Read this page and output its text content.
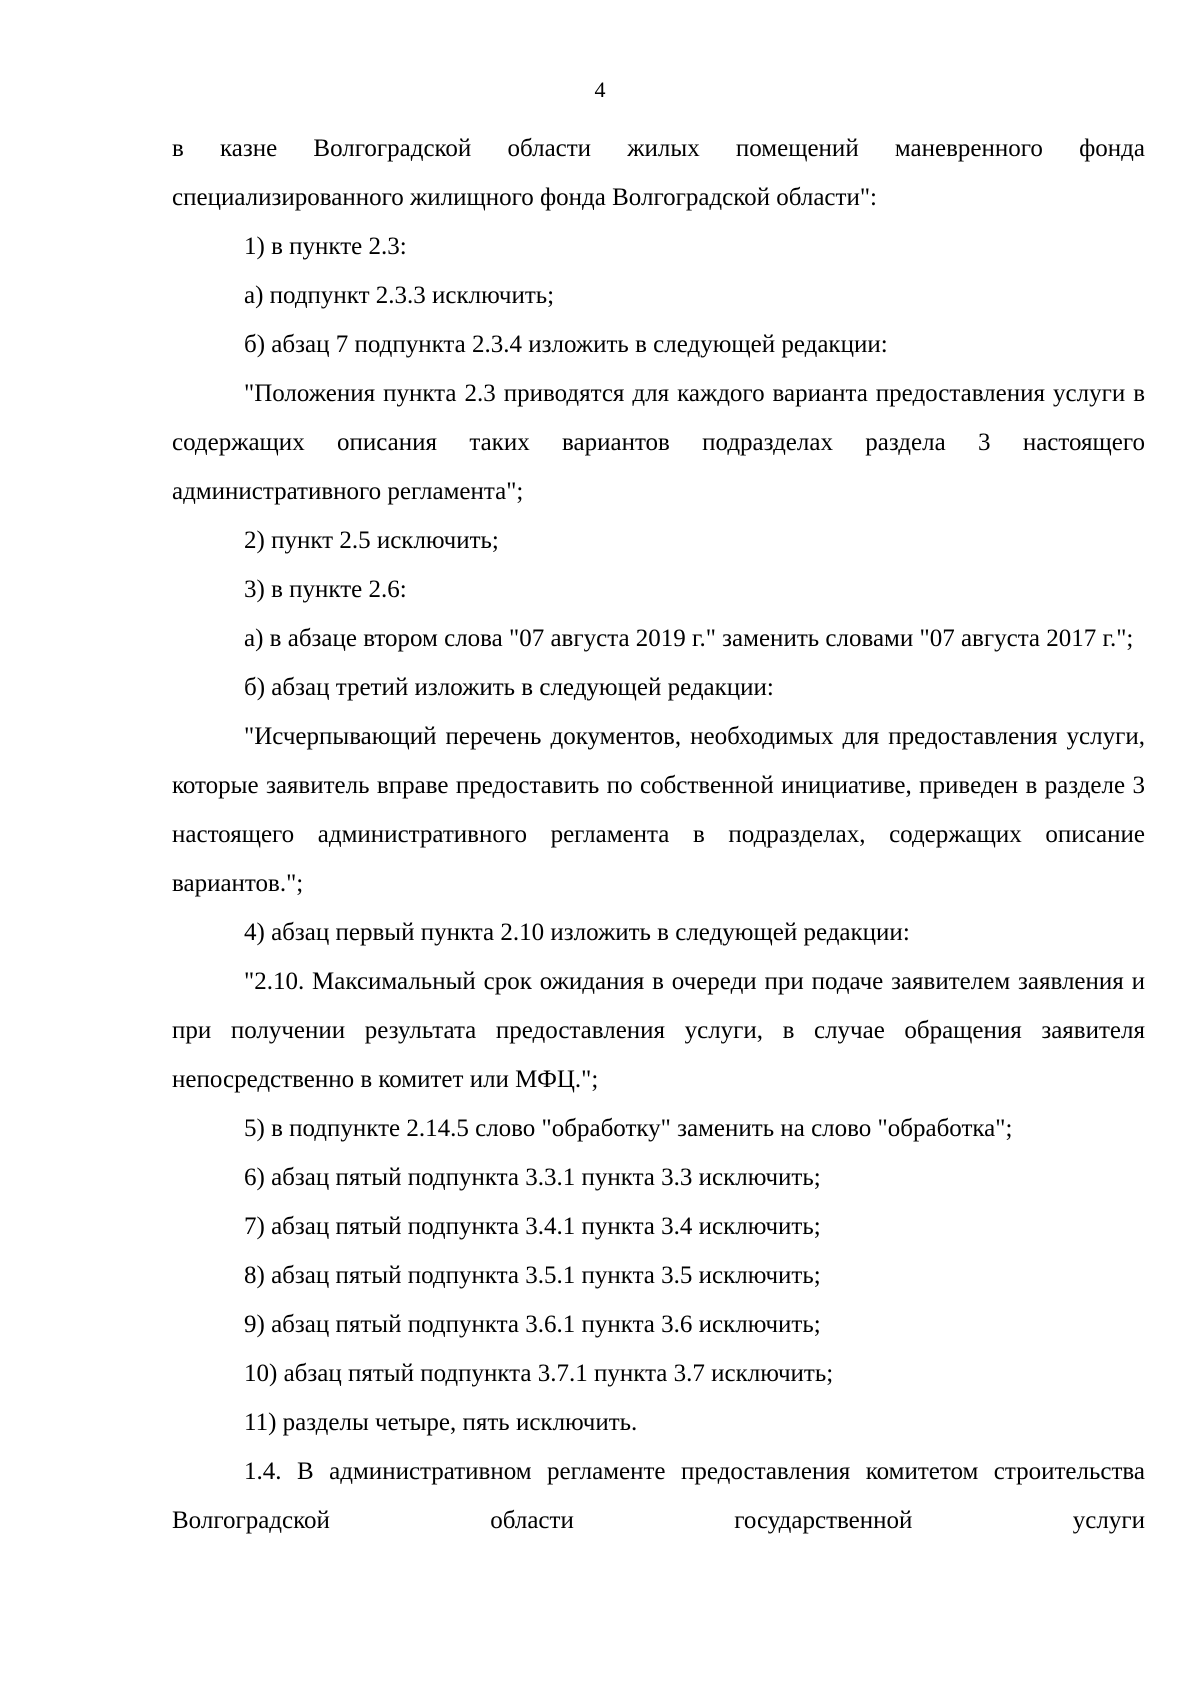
4

в казне Волгоградской области жилых помещений маневренного фонда специализированного жилищного фонда Волгоградской области":

1) в пункте 2.3:

а) подпункт 2.3.3 исключить;

б) абзац 7 подпункта 2.3.4 изложить в следующей редакции:

"Положения пункта 2.3 приводятся для каждого варианта предоставления услуги в содержащих описания таких вариантов подразделах раздела 3 настоящего административного регламента";

2) пункт 2.5 исключить;

3) в пункте 2.6:

а) в абзаце втором слова "07 августа 2019 г." заменить словами "07 августа 2017 г.";

б) абзац третий изложить в следующей редакции:

"Исчерпывающий перечень документов, необходимых для предоставления услуги, которые заявитель вправе предоставить по собственной инициативе, приведен в разделе 3 настоящего административного регламента в подразделах, содержащих описание вариантов.";

4) абзац первый пункта 2.10 изложить в следующей редакции:

"2.10. Максимальный срок ожидания в очереди при подаче заявителем заявления и при получении результата предоставления услуги, в случае обращения заявителя непосредственно в комитет или МФЦ.";

5) в подпункте 2.14.5 слово "обработку" заменить на слово "обработка";

6) абзац пятый подпункта 3.3.1 пункта 3.3 исключить;

7) абзац пятый подпункта 3.4.1 пункта 3.4 исключить;

8) абзац пятый подпункта 3.5.1 пункта 3.5 исключить;

9) абзац пятый подпункта 3.6.1 пункта 3.6 исключить;

10) абзац пятый подпункта 3.7.1 пункта 3.7 исключить;

11) разделы четыре, пять исключить.

1.4. В административном регламенте предоставления комитетом строительства Волгоградской области государственной услуги
